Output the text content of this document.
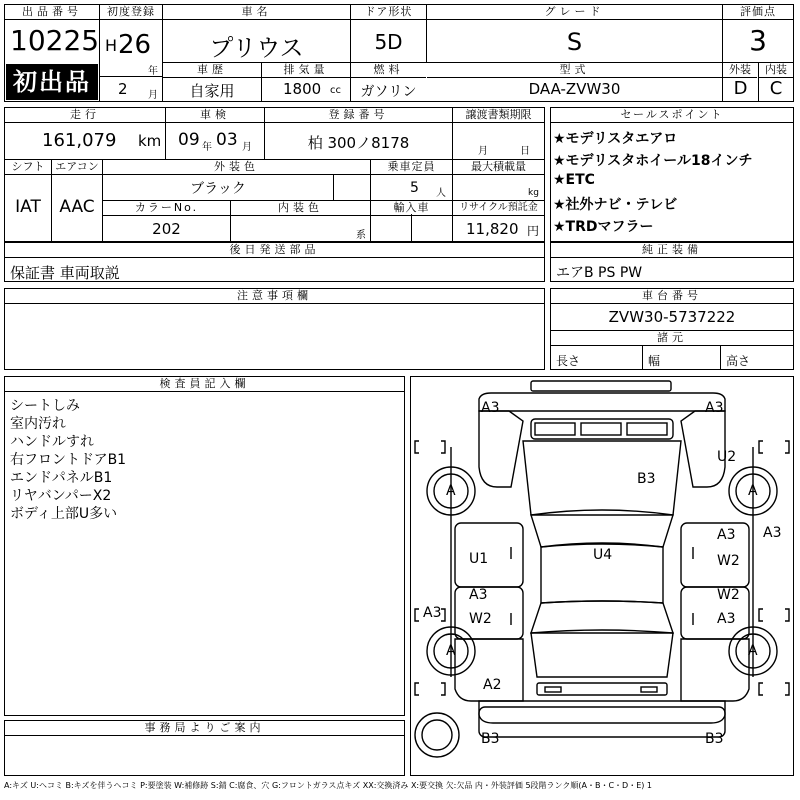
出品番号
10225
初出品
初度登録
H 26
年
2 月
車名
プリウス
ドア形状
5D
グレード
S
評価点
3
車歴
自家用
排気量
1800 cc
燃料
ガソリン
型式
DAA-ZVW30
外装	内装
D	C
走行
161,079 km
車検
09 年 03 月
登録番号
柏 300ノ8178
譲渡書類期限
月	日
シフト
IAT
エアコン
AAC
外装色
ブラック
乗車定員
5 人
最大積載量
kg
カラーNo.
202
内装色
系
輸入車	リサイクル預託金
11,820 円
後日発送部品
保証書 車両取説
セールスポイント
★モデリスタエアロ
★モデリスタホイール18インチ
★ETC
★社外ナビ・テレビ
★TRDマフラー
純正装備
エアB PS PW
注意事項欄	車台番号
ZVW30-5737222
諸元
長さ	幅	高さ
検査員記入欄
シートしみ
室内汚れ
ハンドルすれ
右フロントドアB1
エンドパネルB1
リヤバンパーX2
ボディ上部U多い
事務局よりご案内
A3	A3
B3
U2
U4
U1
A3
W2
A3
W2
W2
A3
A3
A3
A2
B3	B3
A	A
A	A
A:キズ U:ヘコミ B:キズを伴うヘコミ P:要塗装 W:補修跡 S:錆 C:腐食、穴 G:フロントガラス点キズ XX:交換済み X:要交換 欠:欠品 内・外装評価 5段階ランク順(A・B・C・D・E) 1
